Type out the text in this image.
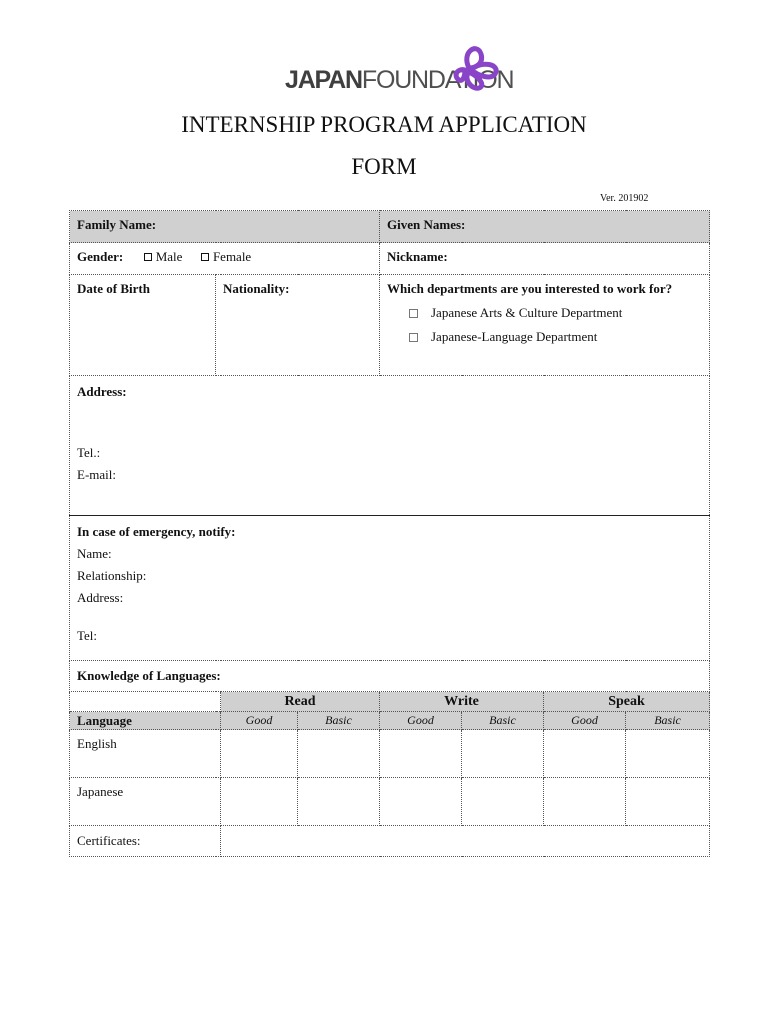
JAPANFOUNDATION
INTERNSHIP PROGRAM APPLICATION
FORM
Ver. 201902
Family Name:				Given Names:			
Gender: Male Female				Nickname:			
Date of Birth	Nationality:			Which departments are you interested to work for?
Japanese Arts & Culture Department
Japanese-Language Department			

Address:
Tel.:
E-mail:							

In case of emergency, notify:
Name:
Relationship:
Address:
Tel:							

Knowledge of Languages:							
		Read		Write		Speak	
Language		Good	Basic	Good	Basic	Good	Basic
English							
Japanese							
Certificates:							
